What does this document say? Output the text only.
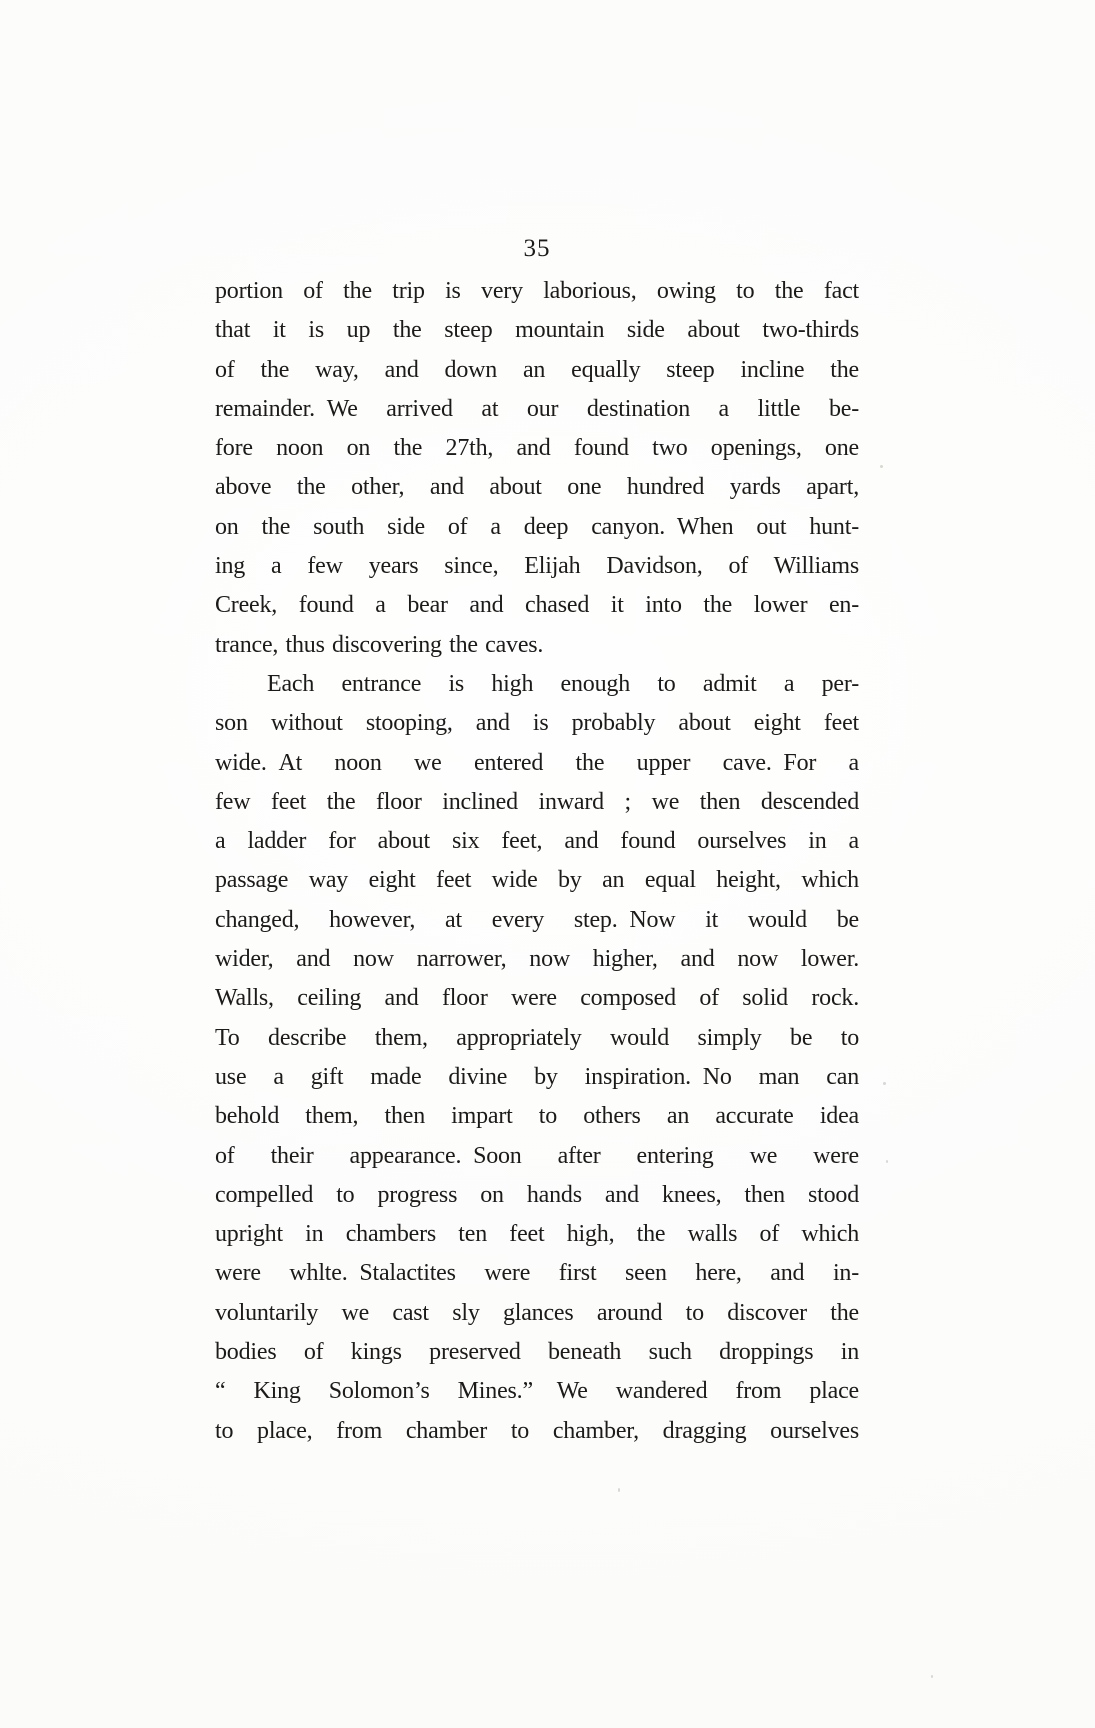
35
portion of the trip is very laborious, owing to the fact
that it is up the steep mountain side about two-thirds
of the way, and down an equally steep incline the
remainder. We arrived at our destination a little be-
fore noon on the 27th, and found two openings, one
above the other, and about one hundred yards apart,
on the south side of a deep canyon. When out hunt-
ing a few years since, Elijah Davidson, of Williams
Creek, found a bear and chased it into the lower en-
trance, thus discovering the caves.
Each entrance is high enough to admit a per-
son without stooping, and is probably about eight feet
wide. At noon we entered the upper cave. For a
few feet the floor inclined inward ; we then descended
a ladder for about six feet, and found ourselves in a
passage way eight feet wide by an equal height, which
changed, however, at every step. Now it would be
wider, and now narrower, now higher, and now lower.
Walls, ceiling and floor were composed of solid rock.
To describe them, appropriately would simply be to
use a gift made divine by inspiration. No man can
behold them, then impart to others an accurate idea
of their appearance. Soon after entering we were
compelled to progress on hands and knees, then stood
upright in chambers ten feet high, the walls of which
were whlte. Stalactites were first seen here, and in-
voluntarily we cast sly glances around to discover the
bodies of kings preserved beneath such droppings in
“ King Solomon’s Mines.” We wandered from place
to place, from chamber to chamber, dragging ourselves
